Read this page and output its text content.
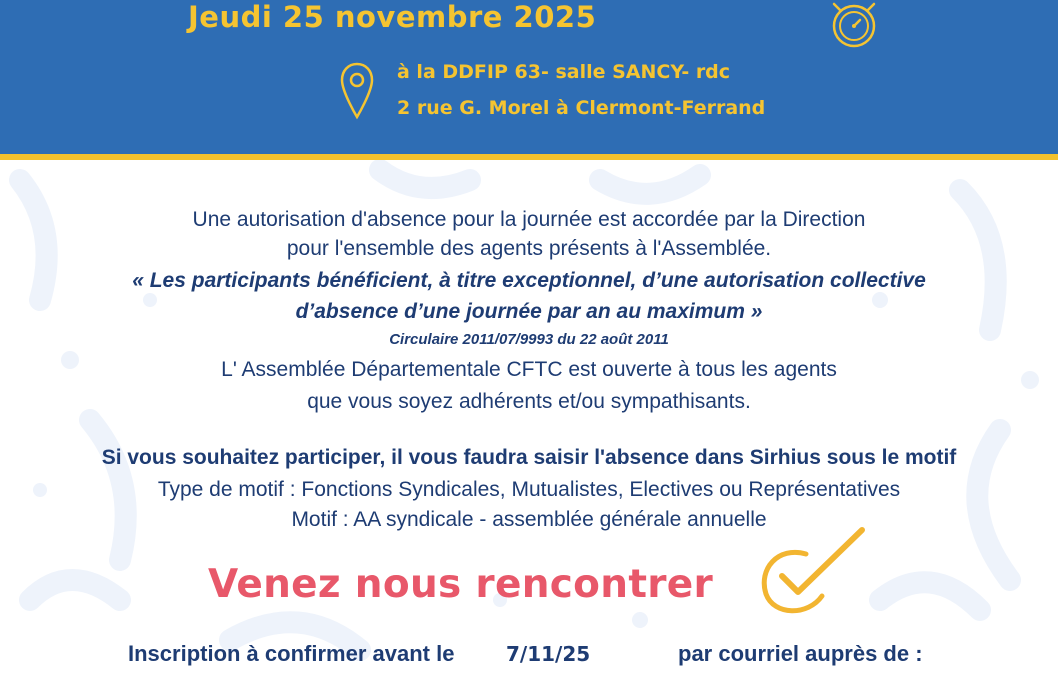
Jeudi 25 novembre 2025

à la DDFIP 63- salle SANCY- rdc

2 rue G. Morel à Clermont-Ferrand

Une autorisation d'absence pour la journée est accordée par la Direction

pour l'ensemble des agents présents à l'Assemblée.

« Les participants bénéficient, à titre exceptionnel, d’une autorisation collective

d’absence d’une journée par an au maximum »

Circulaire 2011/07/9993 du 22 août 2011

L' Assemblée Départementale CFTC est ouverte à tous les agents

que vous soyez adhérents et/ou sympathisants.

Si vous souhaitez participer, il vous faudra saisir l'absence dans Sirhius sous le motif

Type de motif : Fonctions Syndicales, Mutualistes, Electives ou Représentatives

Motif : AA syndicale - assemblée générale annuelle

Venez nous rencontrer

Inscription à confirmer avant le	7/11/25	par courriel auprès de :
